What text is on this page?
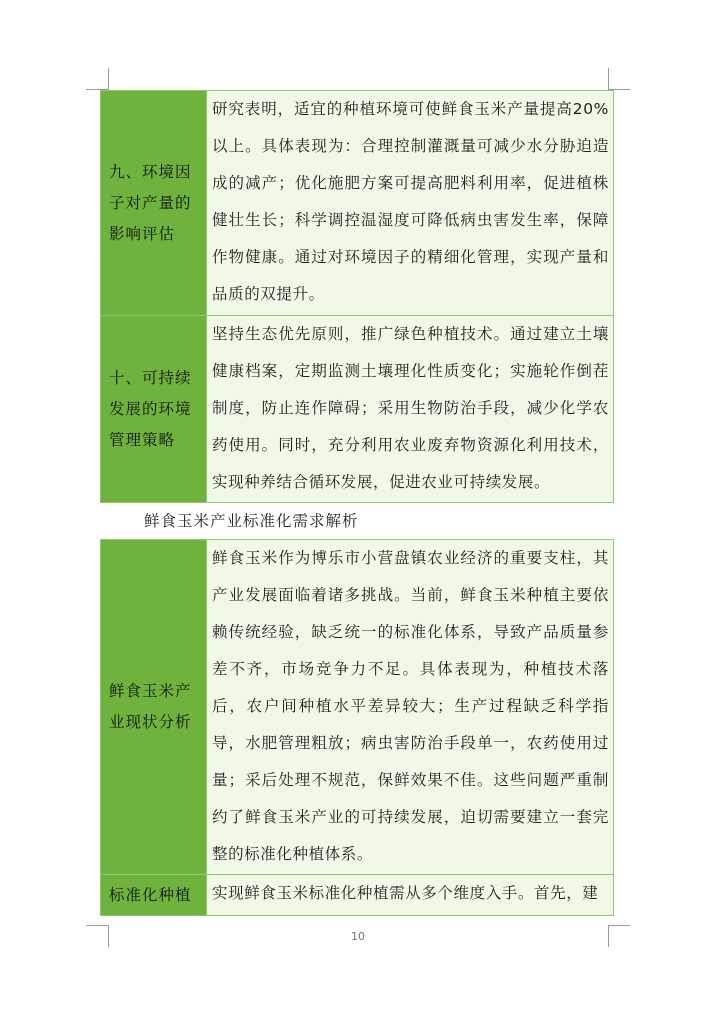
九、环境因
子对产量的
影响评估
研究表明，适宜的种植环境可使鲜食玉米产量提高20%以上。具体表现为：合理控制灌溉量可减少水分胁迫造成的减产；优化施肥方案可提高肥料利用率，促进植株健壮生长；科学调控温湿度可降低病虫害发生率，保障作物健康。通过对环境因子的精细化管理，实现产量和品质的双提升。
十、可持续
发展的环境
管理策略
坚持生态优先原则，推广绿色种植技术。通过建立土壤健康档案，定期监测土壤理化性质变化；实施轮作倒茬制度，防止连作障碍；采用生物防治手段，减少化学农药使用。同时，充分利用农业废弃物资源化利用技术，实现种养结合循环发展，促进农业可持续发展。
鲜食玉米产业标准化需求解析
鲜食玉米产
业现状分析
鲜食玉米作为博乐市小营盘镇农业经济的重要支柱，其产业发展面临着诸多挑战。当前，鲜食玉米种植主要依赖传统经验，缺乏统一的标准化体系，导致产品质量参差不齐，市场竞争力不足。具体表现为，种植技术落后，农户间种植水平差异较大；生产过程缺乏科学指导，水肥管理粗放；病虫害防治手段单一，农药使用过量；采后处理不规范，保鲜效果不佳。这些问题严重制约了鲜食玉米产业的可持续发展，迫切需要建立一套完整的标准化种植体系。
标准化种植	实现鲜食玉米标准化种植需从多个维度入手。首先，建
10
